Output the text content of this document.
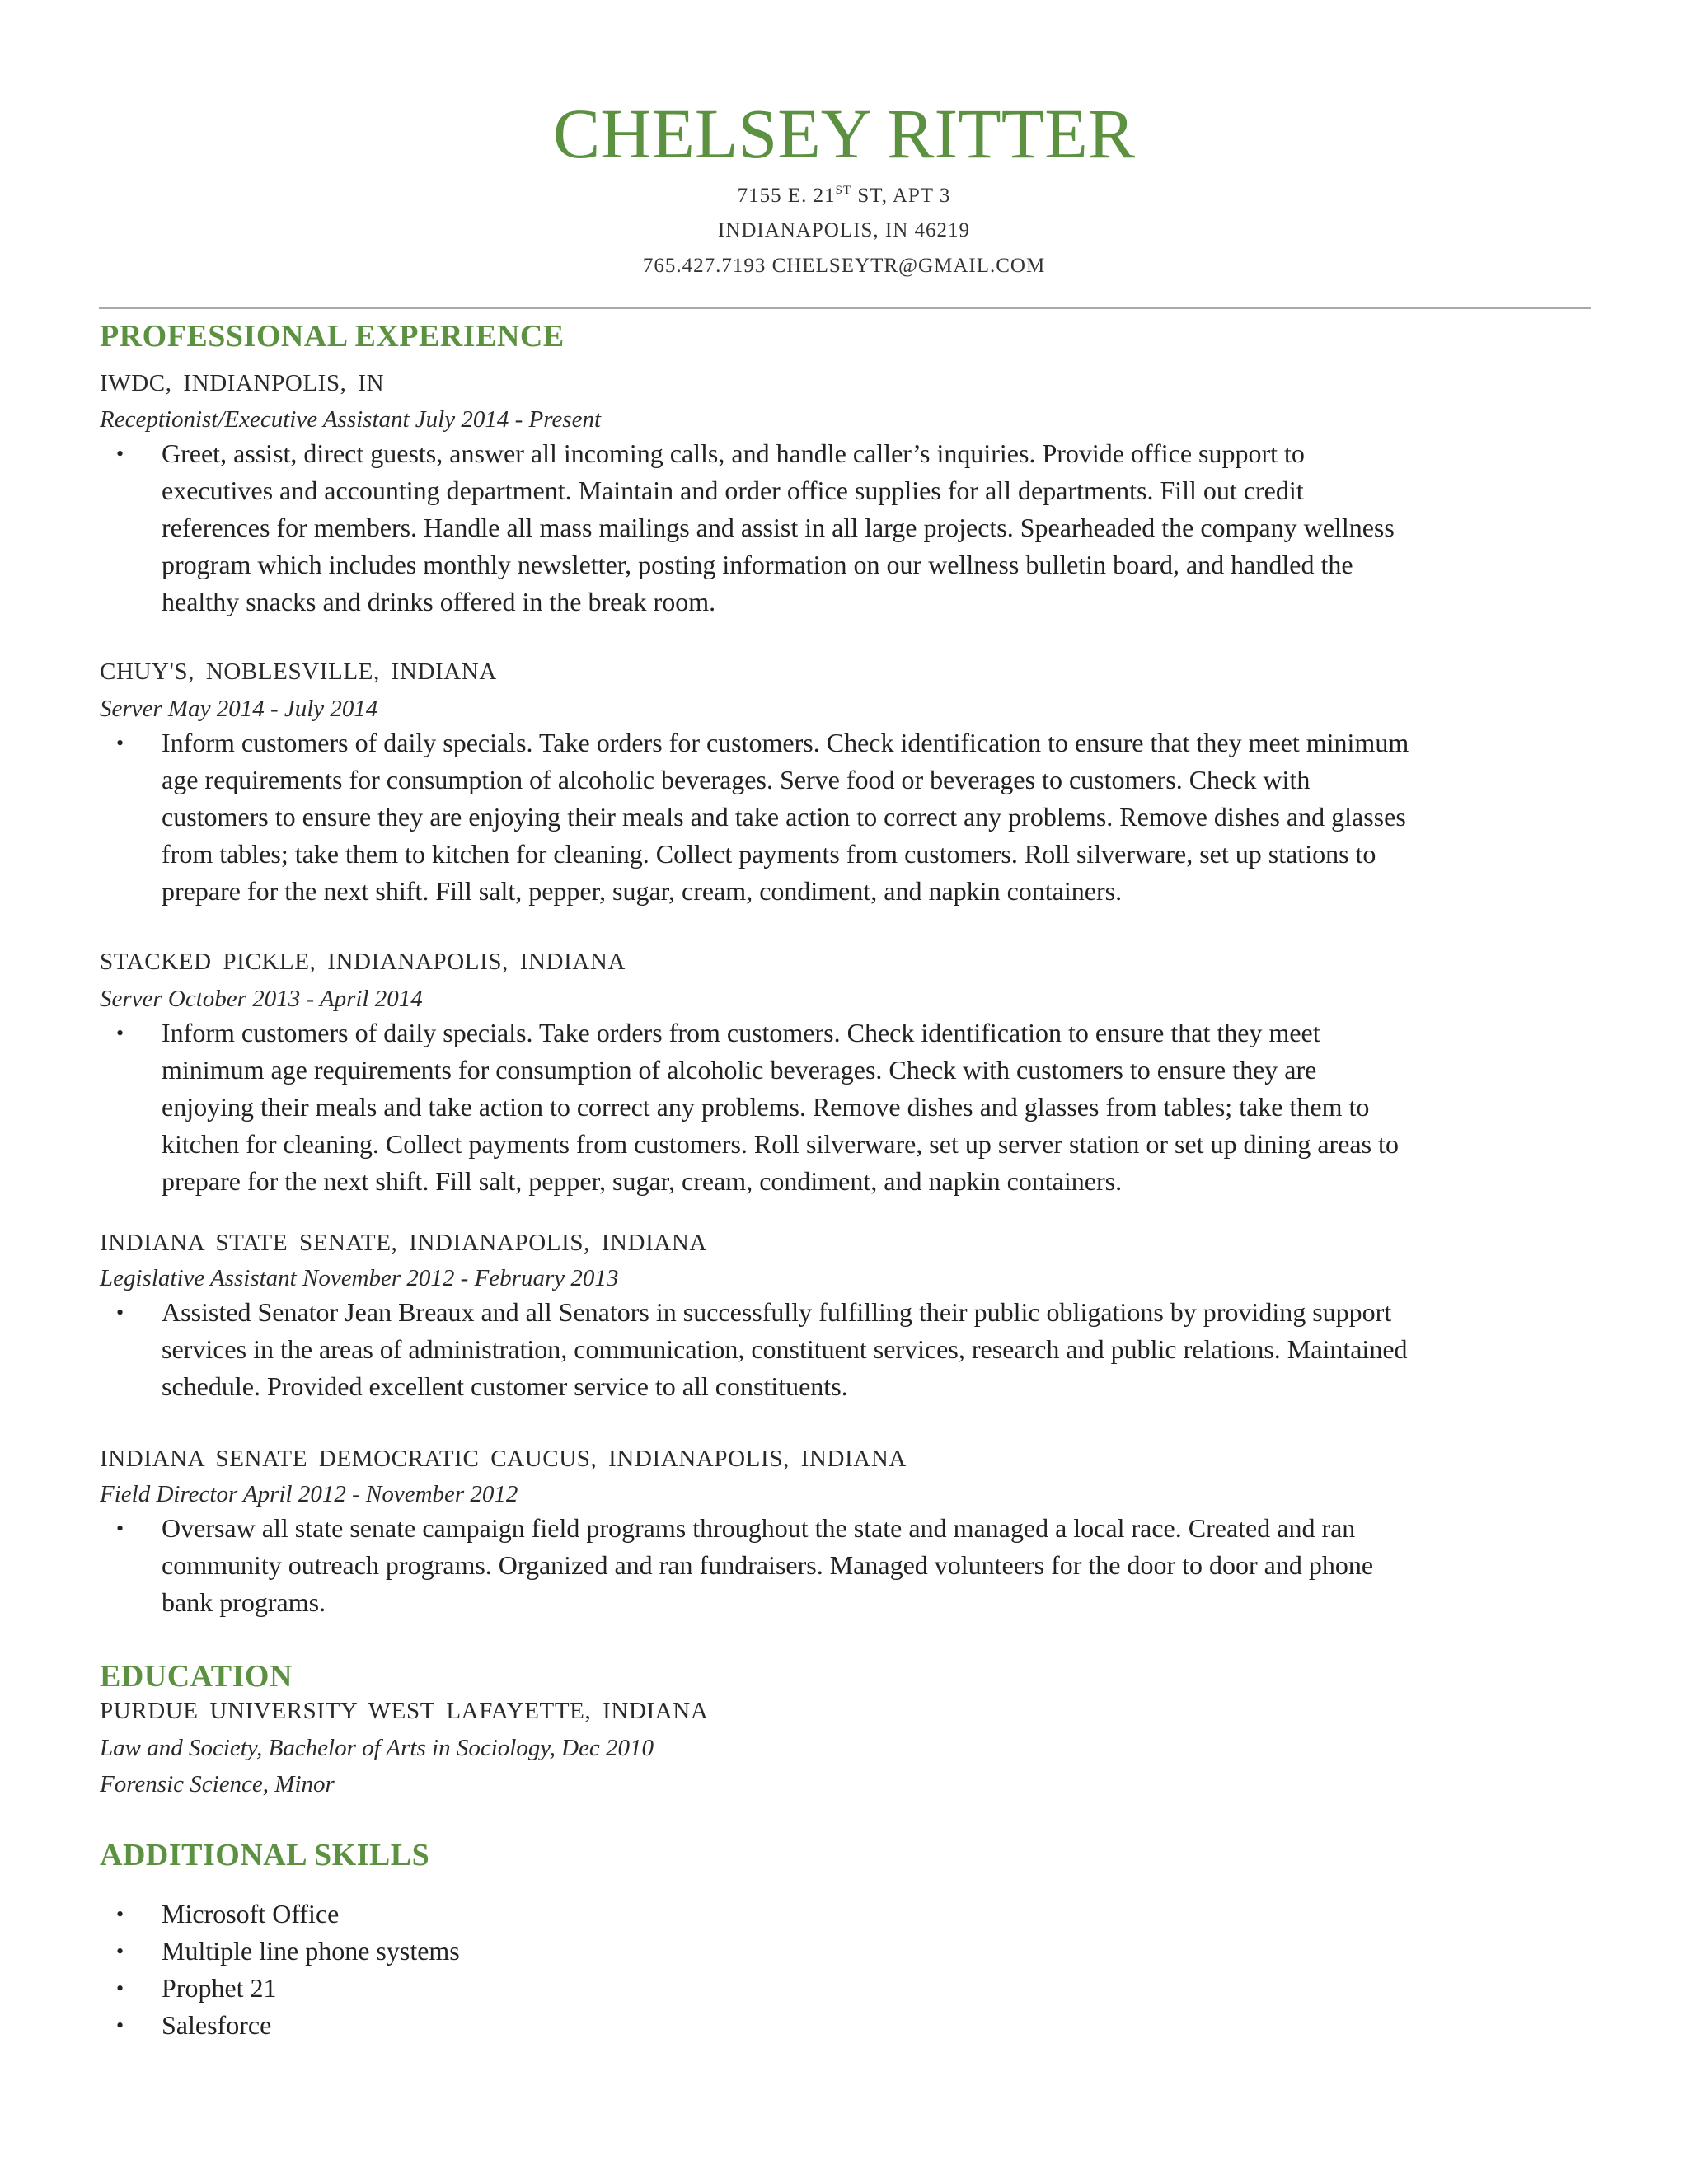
CHELSEY RITTER
7155 E. 21ST ST, APT 3
INDIANAPOLIS, IN 46219
765.427.7193 CHELSEYTR@GMAIL.COM
PROFESSIONAL EXPERIENCE
IWDC, INDIANPOLIS, IN
Receptionist/Executive Assistant July 2014 - Present
• Greet, assist, direct guests, answer all incoming calls, and handle caller’s inquiries. Provide office support to
executives and accounting department. Maintain and order office supplies for all departments. Fill out credit
references for members. Handle all mass mailings and assist in all large projects. Spearheaded the company wellness
program which includes monthly newsletter, posting information on our wellness bulletin board, and handled the
healthy snacks and drinks offered in the break room.
CHUY'S, NOBLESVILLE, INDIANA
Server May 2014 - July 2014
• Inform customers of daily specials. Take orders for customers. Check identification to ensure that they meet minimum
age requirements for consumption of alcoholic beverages. Serve food or beverages to customers. Check with
customers to ensure they are enjoying their meals and take action to correct any problems. Remove dishes and glasses
from tables; take them to kitchen for cleaning. Collect payments from customers. Roll silverware, set up stations to
prepare for the next shift. Fill salt, pepper, sugar, cream, condiment, and napkin containers.
STACKED PICKLE, INDIANAPOLIS, INDIANA
Server October 2013 - April 2014
• Inform customers of daily specials. Take orders from customers. Check identification to ensure that they meet
minimum age requirements for consumption of alcoholic beverages. Check with customers to ensure they are
enjoying their meals and take action to correct any problems. Remove dishes and glasses from tables; take them to
kitchen for cleaning. Collect payments from customers. Roll silverware, set up server station or set up dining areas to
prepare for the next shift. Fill salt, pepper, sugar, cream, condiment, and napkin containers.
INDIANA STATE SENATE, INDIANAPOLIS, INDIANA
Legislative Assistant November 2012 - February 2013
• Assisted Senator Jean Breaux and all Senators in successfully fulfilling their public obligations by providing support
services in the areas of administration, communication, constituent services, research and public relations. Maintained
schedule. Provided excellent customer service to all constituents.
INDIANA SENATE DEMOCRATIC CAUCUS, INDIANAPOLIS, INDIANA
Field Director April 2012 - November 2012
• Oversaw all state senate campaign field programs throughout the state and managed a local race. Created and ran
community outreach programs. Organized and ran fundraisers. Managed volunteers for the door to door and phone
bank programs.
EDUCATION
PURDUE UNIVERSITY WEST LAFAYETTE, INDIANA
Law and Society, Bachelor of Arts in Sociology, Dec 2010
Forensic Science, Minor
ADDITIONAL SKILLS
• Microsoft Office
• Multiple line phone systems
• Prophet 21
• Salesforce
